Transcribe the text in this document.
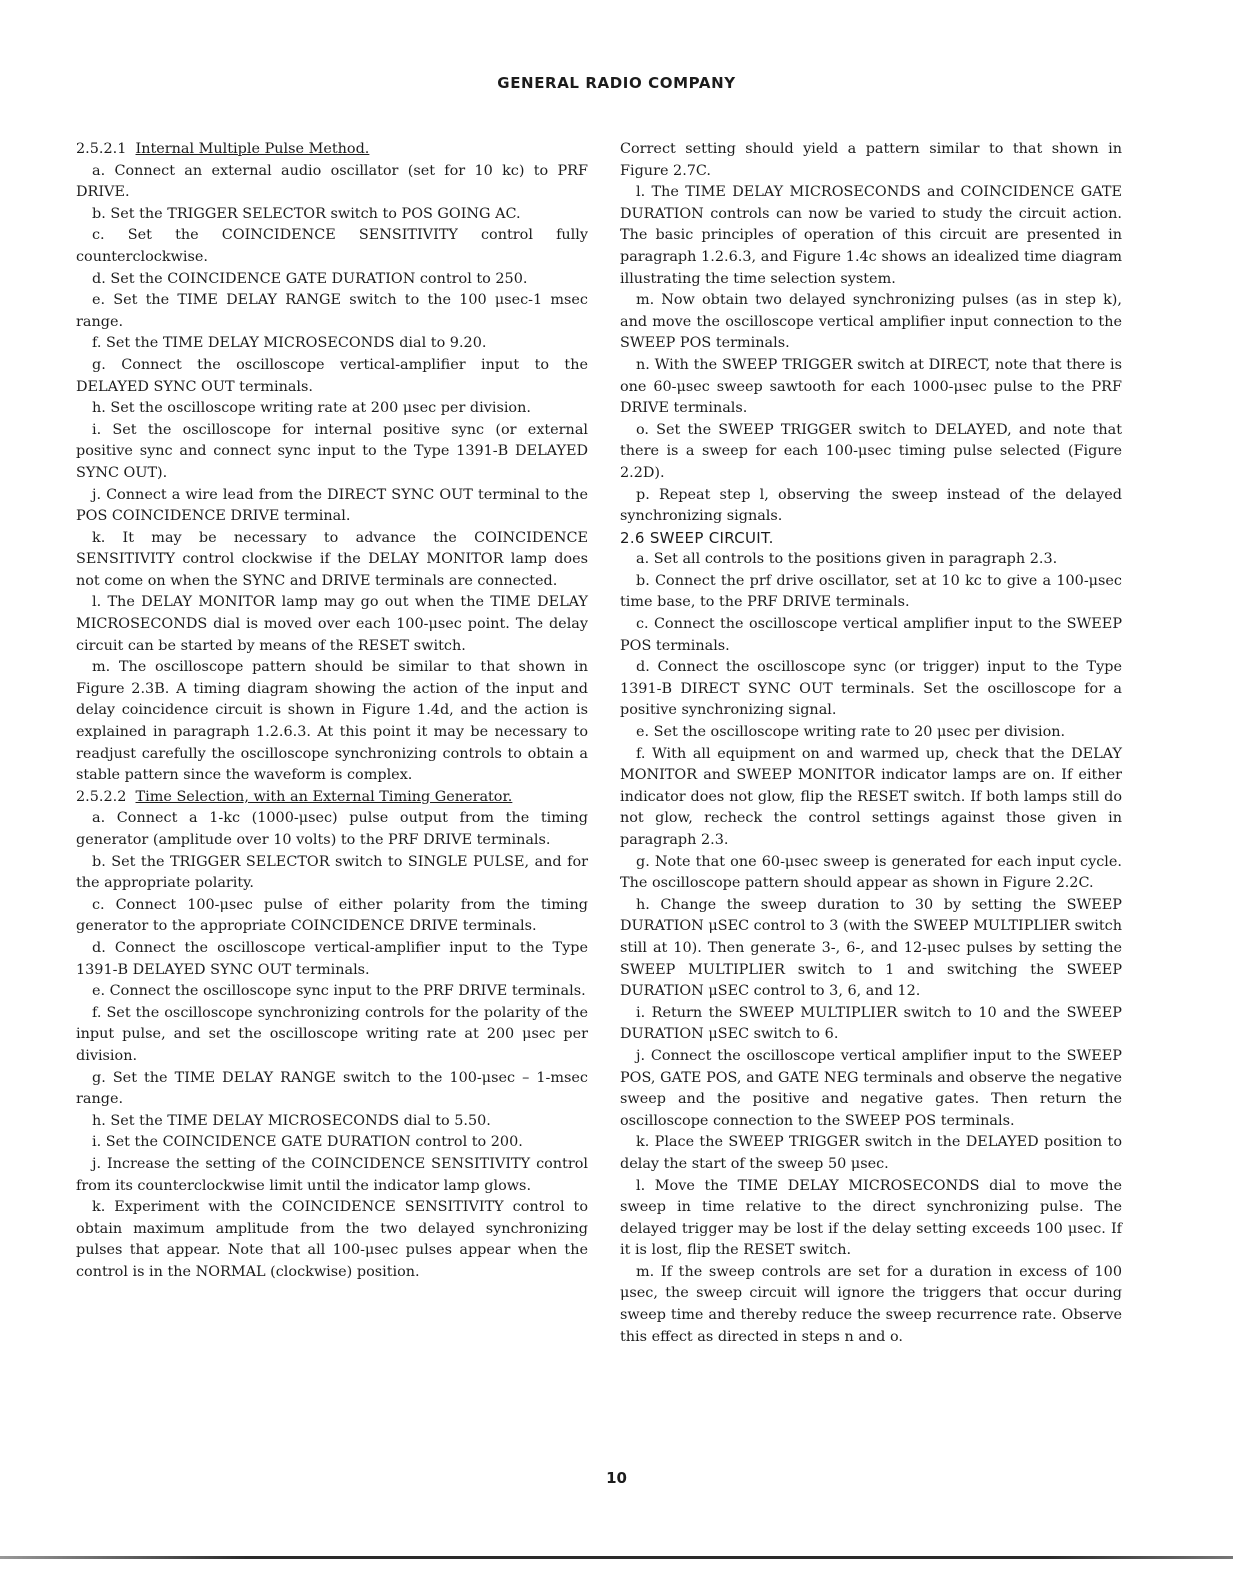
GENERAL RADIO COMPANY

2.5.2.1 Internal Multiple Pulse Method.

a. Connect an external audio oscillator (set for 10 kc) to PRF DRIVE.

b. Set the TRIGGER SELECTOR switch to POS GOING AC.

c. Set the COINCIDENCE SENSITIVITY control fully counterclockwise.

d. Set the COINCIDENCE GATE DURATION control to 250.

e. Set the TIME DELAY RANGE switch to the 100 μsec-1 msec range.

f. Set the TIME DELAY MICROSECONDS dial to 9.20.

g. Connect the oscilloscope vertical-amplifier input to the DELAYED SYNC OUT terminals.

h. Set the oscilloscope writing rate at 200 μsec per division.

i. Set the oscilloscope for internal positive sync (or external positive sync and connect sync input to the Type 1391-B DELAYED SYNC OUT).

j. Connect a wire lead from the DIRECT SYNC OUT terminal to the POS COINCIDENCE DRIVE terminal.

k. It may be necessary to advance the COINCIDENCE SENSITIVITY control clockwise if the DELAY MONITOR lamp does not come on when the SYNC and DRIVE terminals are connected.

l. The DELAY MONITOR lamp may go out when the TIME DELAY MICROSECONDS dial is moved over each 100-μsec point. The delay circuit can be started by means of the RESET switch.

m. The oscilloscope pattern should be similar to that shown in Figure 2.3B. A timing diagram showing the action of the input and delay coincidence circuit is shown in Figure 1.4d, and the action is explained in paragraph 1.2.6.3. At this point it may be necessary to readjust carefully the oscilloscope synchronizing controls to obtain a stable pattern since the waveform is complex.

2.5.2.2 Time Selection, with an External Timing Generator.

a. Connect a 1-kc (1000-μsec) pulse output from the timing generator (amplitude over 10 volts) to the PRF DRIVE terminals.

b. Set the TRIGGER SELECTOR switch to SINGLE PULSE, and for the appropriate polarity.

c. Connect 100-μsec pulse of either polarity from the timing generator to the appropriate COINCIDENCE DRIVE terminals.

d. Connect the oscilloscope vertical-amplifier input to the Type 1391-B DELAYED SYNC OUT terminals.

e. Connect the oscilloscope sync input to the PRF DRIVE terminals.

f. Set the oscilloscope synchronizing controls for the polarity of the input pulse, and set the oscilloscope writing rate at 200 μsec per division.

g. Set the TIME DELAY RANGE switch to the 100-μsec – 1-msec range.

h. Set the TIME DELAY MICROSECONDS dial to 5.50.

i. Set the COINCIDENCE GATE DURATION control to 200.

j. Increase the setting of the COINCIDENCE SENSITIVITY control from its counterclockwise limit until the indicator lamp glows.

k. Experiment with the COINCIDENCE SENSITIVITY control to obtain maximum amplitude from the two delayed synchronizing pulses that appear. Note that all 100-μsec pulses appear when the control is in the NORMAL (clockwise) position.

Correct setting should yield a pattern similar to that shown in Figure 2.7C.

l. The TIME DELAY MICROSECONDS and COINCIDENCE GATE DURATION controls can now be varied to study the circuit action. The basic principles of operation of this circuit are presented in paragraph 1.2.6.3, and Figure 1.4c shows an idealized time diagram illustrating the time selection system.

m. Now obtain two delayed synchronizing pulses (as in step k), and move the oscilloscope vertical amplifier input connection to the SWEEP POS terminals.

n. With the SWEEP TRIGGER switch at DIRECT, note that there is one 60-μsec sweep sawtooth for each 1000-μsec pulse to the PRF DRIVE terminals.

o. Set the SWEEP TRIGGER switch to DELAYED, and note that there is a sweep for each 100-μsec timing pulse selected (Figure 2.2D).

p. Repeat step l, observing the sweep instead of the delayed synchronizing signals.

2.6 SWEEP CIRCUIT.

a. Set all controls to the positions given in paragraph 2.3.

b. Connect the prf drive oscillator, set at 10 kc to give a 100-μsec time base, to the PRF DRIVE terminals.

c. Connect the oscilloscope vertical amplifier input to the SWEEP POS terminals.

d. Connect the oscilloscope sync (or trigger) input to the Type 1391-B DIRECT SYNC OUT terminals. Set the oscilloscope for a positive synchronizing signal.

e. Set the oscilloscope writing rate to 20 μsec per division.

f. With all equipment on and warmed up, check that the DELAY MONITOR and SWEEP MONITOR indicator lamps are on. If either indicator does not glow, flip the RESET switch. If both lamps still do not glow, recheck the control settings against those given in paragraph 2.3.

g. Note that one 60-μsec sweep is generated for each input cycle. The oscilloscope pattern should appear as shown in Figure 2.2C.

h. Change the sweep duration to 30 by setting the SWEEP DURATION μSEC control to 3 (with the SWEEP MULTIPLIER switch still at 10). Then generate 3-, 6-, and 12-μsec pulses by setting the SWEEP MULTIPLIER switch to 1 and switching the SWEEP DURATION μSEC control to 3, 6, and 12.

i. Return the SWEEP MULTIPLIER switch to 10 and the SWEEP DURATION μSEC switch to 6.

j. Connect the oscilloscope vertical amplifier input to the SWEEP POS, GATE POS, and GATE NEG terminals and observe the negative sweep and the positive and negative gates. Then return the oscilloscope connection to the SWEEP POS terminals.

k. Place the SWEEP TRIGGER switch in the DELAYED position to delay the start of the sweep 50 μsec.

l. Move the TIME DELAY MICROSECONDS dial to move the sweep in time relative to the direct synchronizing pulse. The delayed trigger may be lost if the delay setting exceeds 100 μsec. If it is lost, flip the RESET switch.

m. If the sweep controls are set for a duration in excess of 100 μsec, the sweep circuit will ignore the triggers that occur during sweep time and thereby reduce the sweep recurrence rate. Observe this effect as directed in steps n and o.

10
